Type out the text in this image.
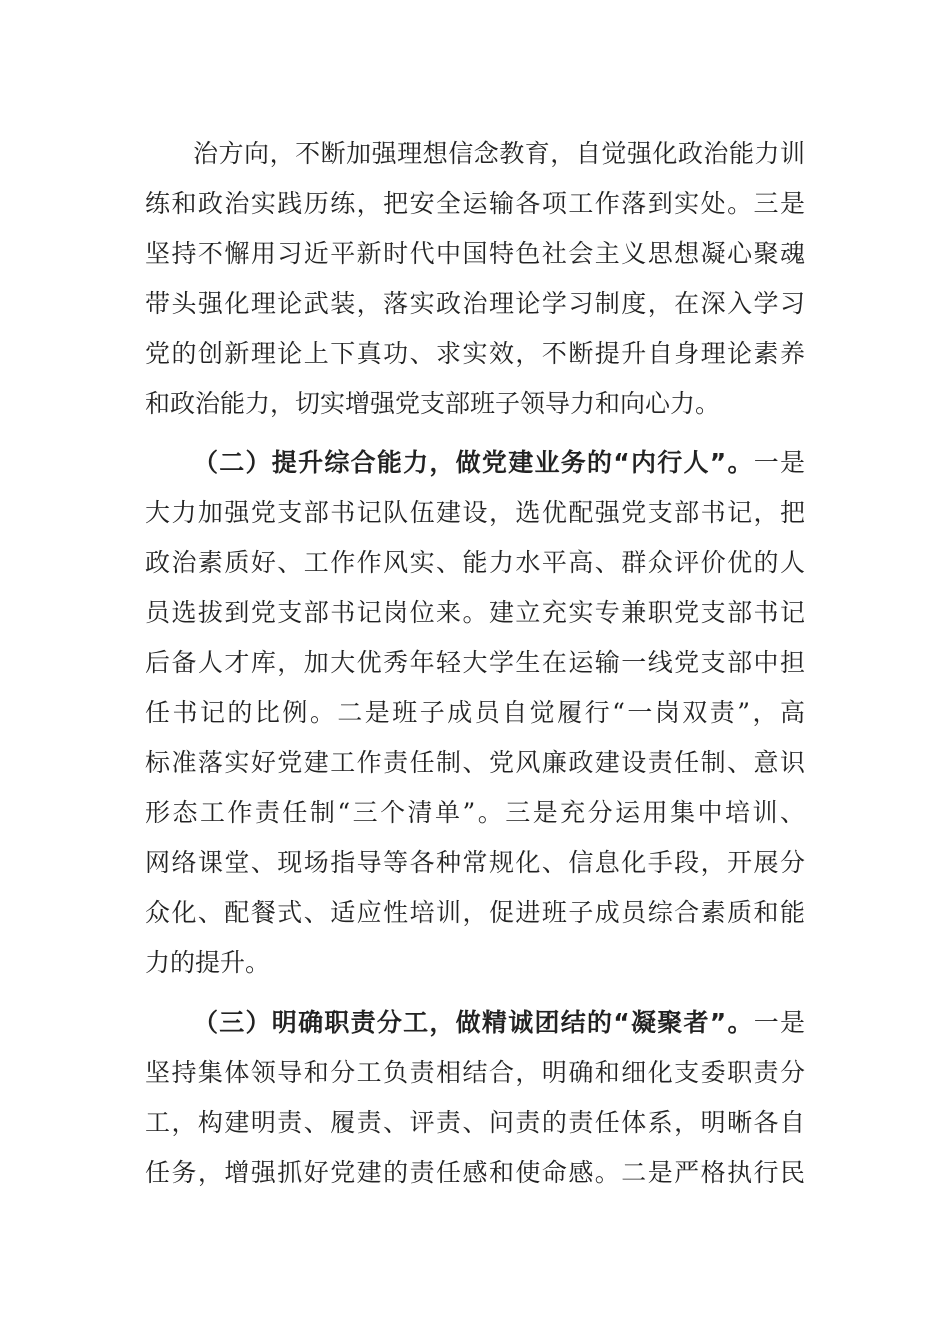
治方向，不断加强理想信念教育，自觉强化政治能力训
练和政治实践历练，把安全运输各项工作落到实处。三是
坚持不懈用习近平新时代中国特色社会主义思想凝心聚魂
带头强化理论武装，落实政治理论学习制度，在深入学习
党的创新理论上下真功、求实效，不断提升自身理论素养
和政治能力，切实增强党支部班子领导力和向心力。
（二）提升综合能力，做党建业务的“内行人”。一是
大力加强党支部书记队伍建设，选优配强党支部书记，把
政治素质好、工作作风实、能力水平高、群众评价优的人
员选拔到党支部书记岗位来。建立充实专兼职党支部书记
后备人才库，加大优秀年轻大学生在运输一线党支部中担
任书记的比例。二是班子成员自觉履行“一岗双责”，高
标准落实好党建工作责任制、党风廉政建设责任制、意识
形态工作责任制“三个清单”。三是充分运用集中培训、
网络课堂、现场指导等各种常规化、信息化手段，开展分
众化、配餐式、适应性培训，促进班子成员综合素质和能
力的提升。
（三）明确职责分工，做精诚团结的“凝聚者”。一是
坚持集体领导和分工负责相结合，明确和细化支委职责分
工，构建明责、履责、评责、问责的责任体系，明晰各自
任务，增强抓好党建的责任感和使命感。二是严格执行民
